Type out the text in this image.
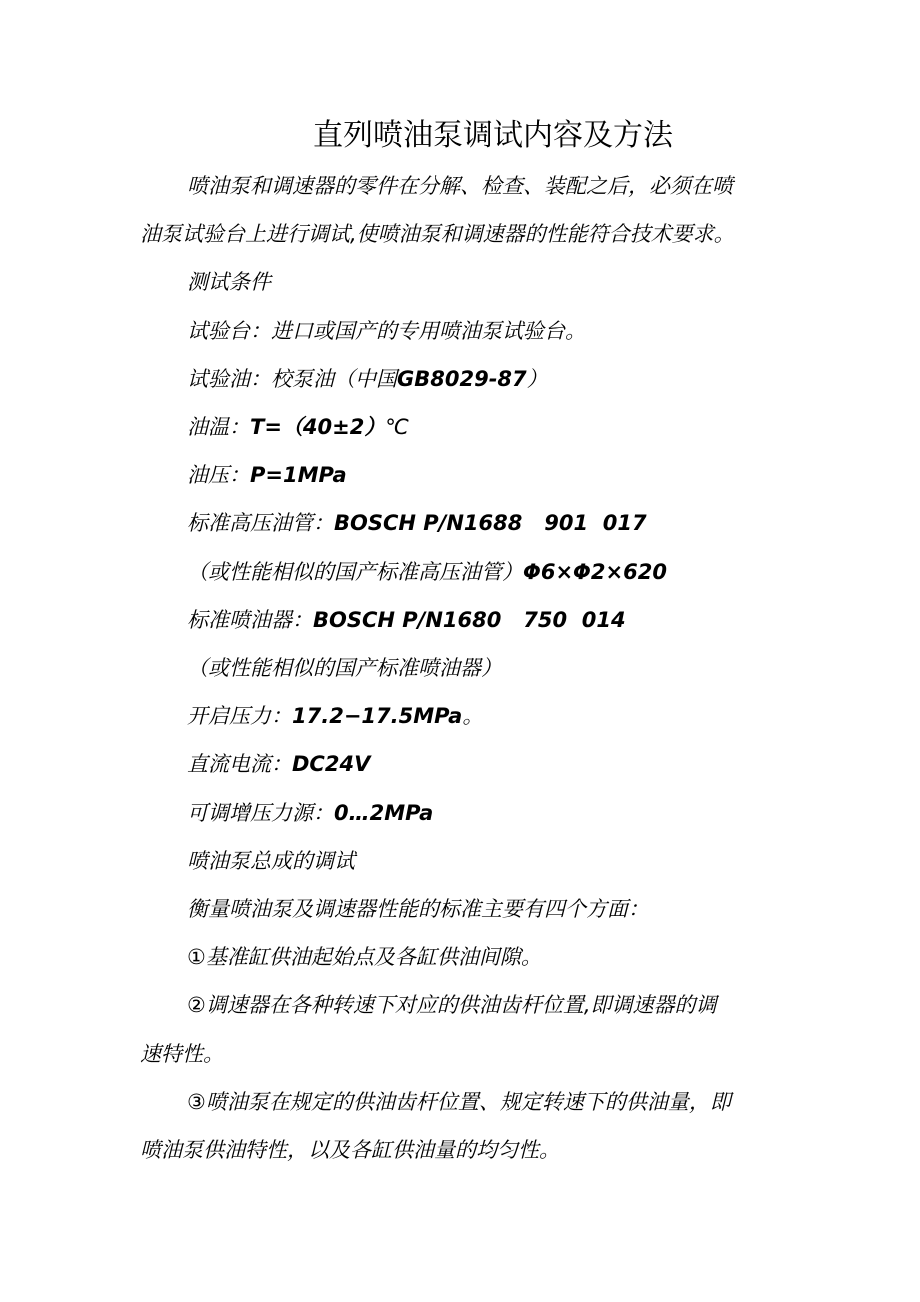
直列喷油泵调试内容及方法

喷油泵和调速器的零件在分解、检查、装配之后，必须在喷

油泵试验台上进行调试,使喷油泵和调速器的性能符合技术要求。

测试条件

试验台：进口或国产的专用喷油泵试验台。

试验油：校泵油（中国GB8029-87）

油温：T=（40±2）℃

油压：P=1MPa

标准高压油管：BOSCH P/N1688   901  017

（或性能相似的国产标准高压油管）Φ6×Φ2×620

标准喷油器：BOSCH P/N1680   750  014

（或性能相似的国产标准喷油器）

开启压力：17.2−17.5MPa。

直流电流：DC24V

可调增压力源：0…2MPa

喷油泵总成的调试

衡量喷油泵及调速器性能的标准主要有四个方面：

①基准缸供油起始点及各缸供油间隙。

②调速器在各种转速下对应的供油齿杆位置,即调速器的调

速特性。

③喷油泵在规定的供油齿杆位置、规定转速下的供油量，即

喷油泵供油特性，以及各缸供油量的均匀性。
